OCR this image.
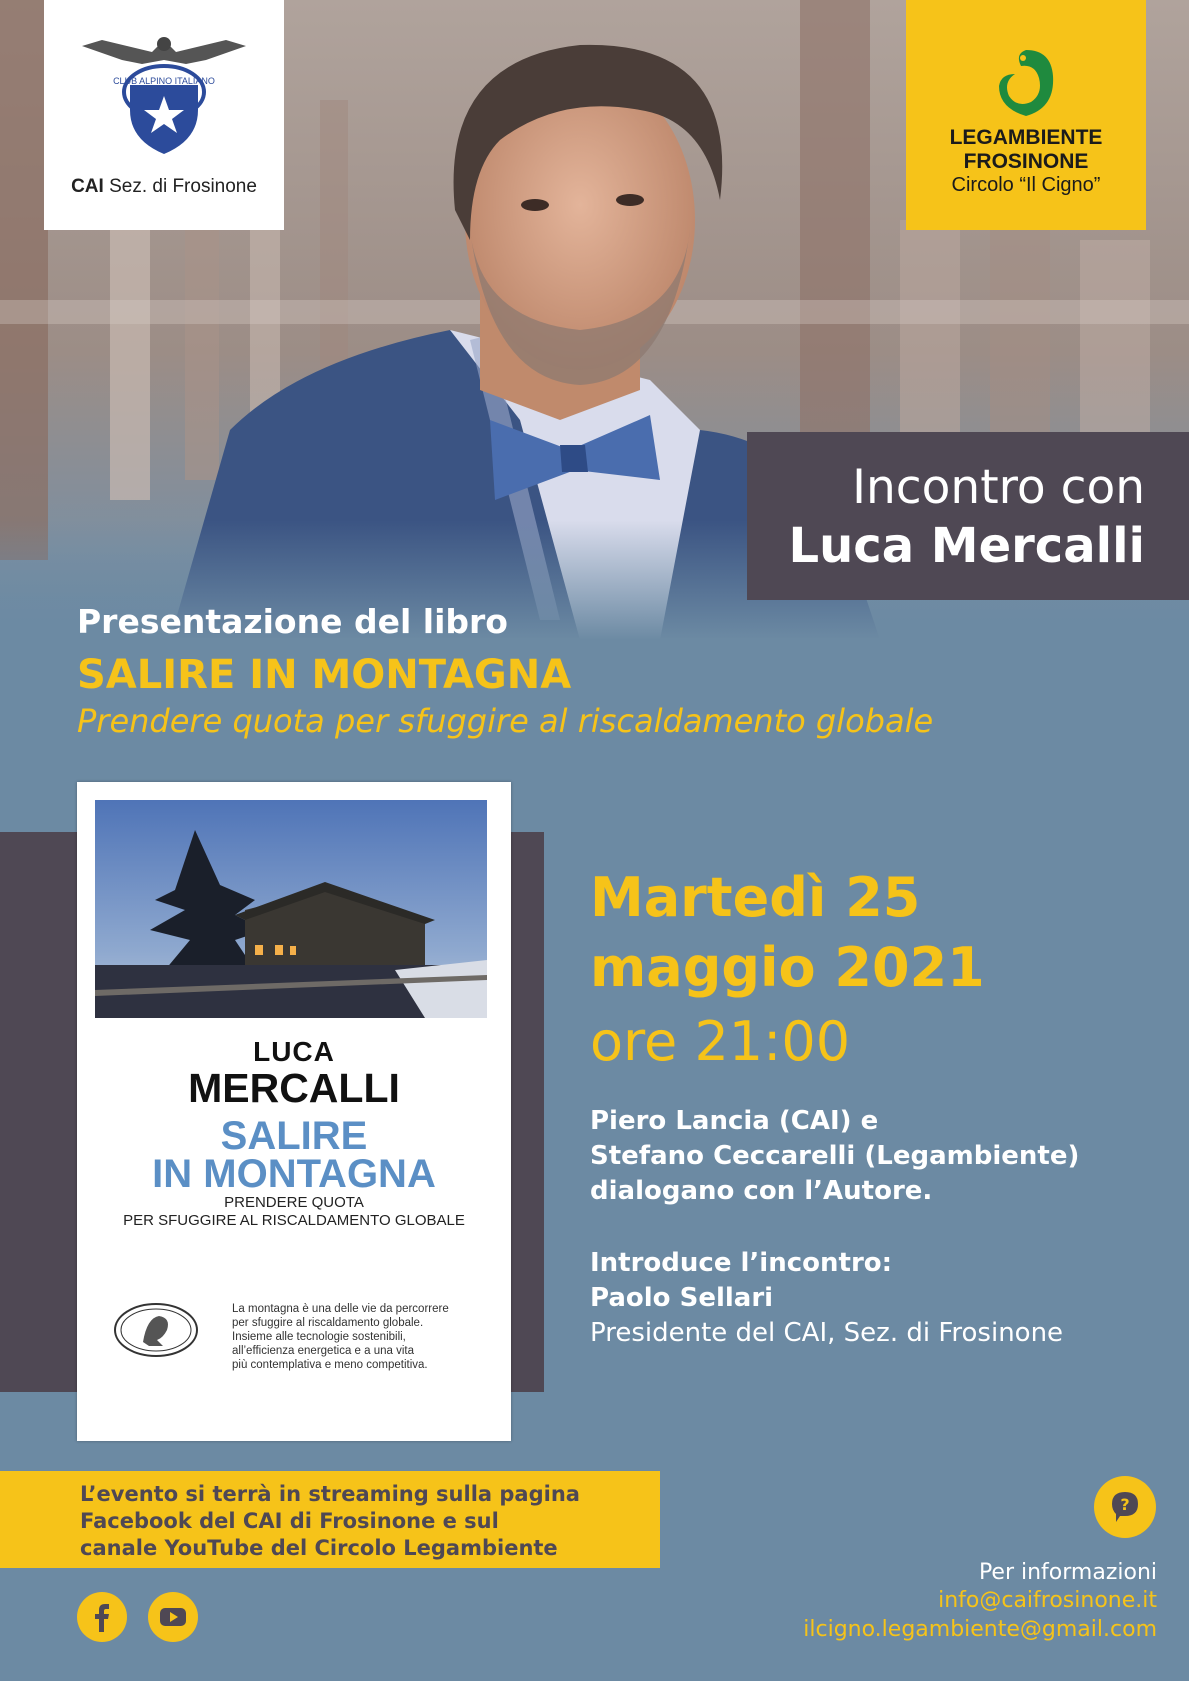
CLUB ALPINO ITALIANO
CAI Sez. di Frosinone
LEGAMBIENTE
FROSINONE
Circolo “Il Cigno”
Incontro con
Luca Mercalli
Presentazione del libro
SALIRE IN MONTAGNA
Prendere quota per sfuggire al riscaldamento globale
LUCA
MERCALLI
SALIRE
IN MONTAGNA
PRENDERE QUOTA
PER SFUGGIRE AL RISCALDAMENTO GLOBALE
La montagna è una delle vie da percorrere
per sfuggire al riscaldamento globale.
Insieme alle tecnologie sostenibili,
all’efficienza energetica e a una vita
più contemplativa e meno competitiva.
Martedì 25
maggio 2021
ore 21:00
Piero Lancia (CAI) e
Stefano Ceccarelli (Legambiente)
dialogano con l’Autore.
Introduce l’incontro:
Paolo Sellari
Presidente del CAI, Sez. di Frosinone
L’evento si terrà in streaming sulla pagina
Facebook del CAI di Frosinone e sul
canale YouTube del Circolo Legambiente
?
Per informazioni
info@caifrosinone.it
ilcigno.legambiente@gmail.com
